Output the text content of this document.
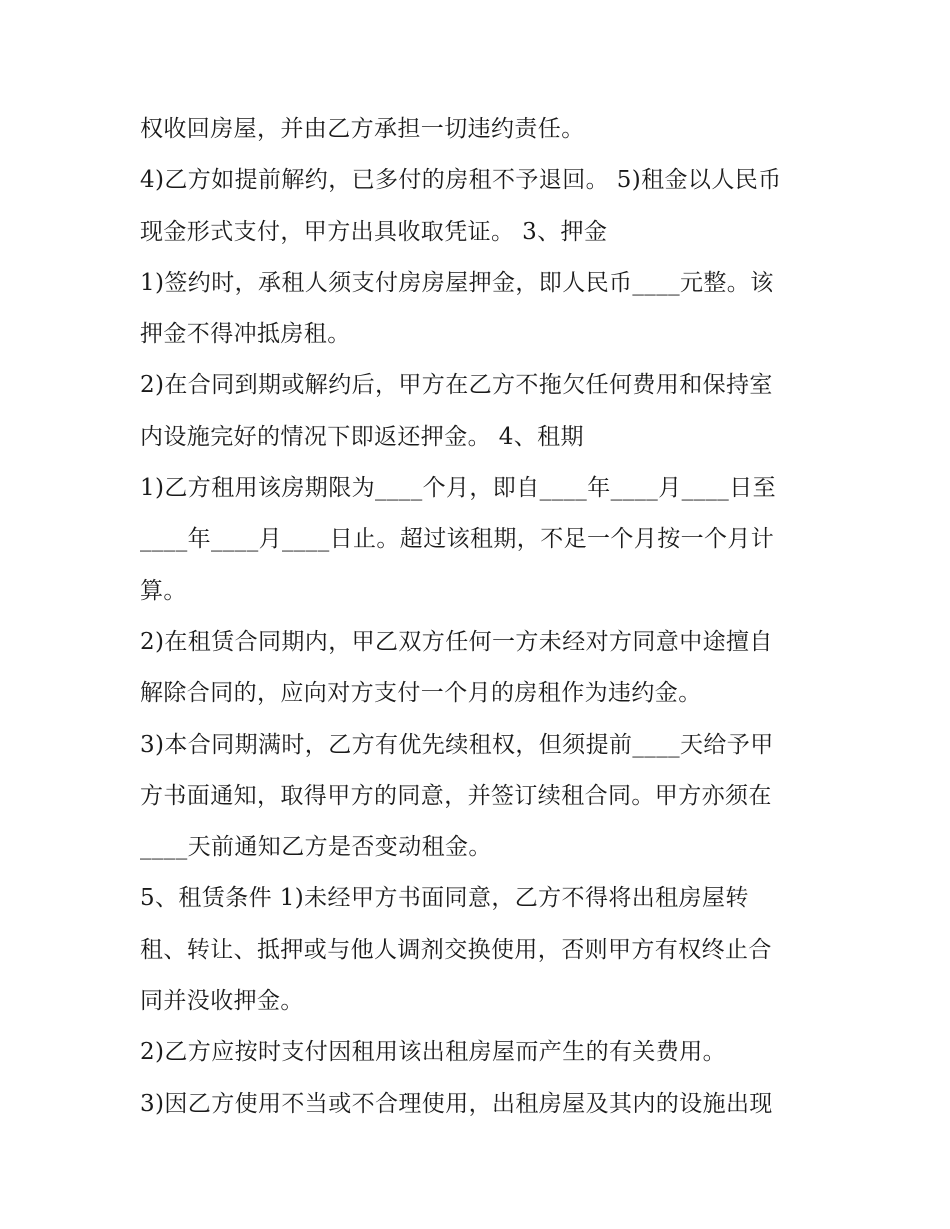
权收回房屋，并由乙方承担一切违约责任。
4)乙方如提前解约，已多付的房租不予退回。 5)租金以人民币
现金形式支付，甲方出具收取凭证。 3、押金
1)签约时，承租人须支付房房屋押金，即人民币____元整。该
押金不得冲抵房租。
2)在合同到期或解约后，甲方在乙方不拖欠任何费用和保持室
内设施完好的情况下即返还押金。 4、租期
1)乙方租用该房期限为____个月，即自____年____月____日至
____年____月____日止。超过该租期，不足一个月按一个月计
算。
2)在租赁合同期内，甲乙双方任何一方未经对方同意中途擅自
解除合同的，应向对方支付一个月的房租作为违约金。
3)本合同期满时，乙方有优先续租权，但须提前____天给予甲
方书面通知，取得甲方的同意，并签订续租合同。甲方亦须在
____天前通知乙方是否变动租金。
5、租赁条件 1)未经甲方书面同意，乙方不得将出租房屋转
租、转让、抵押或与他人调剂交换使用，否则甲方有权终止合
同并没收押金。
2)乙方应按时支付因租用该出租房屋而产生的有关费用。
3)因乙方使用不当或不合理使用，出租房屋及其内的设施出现
